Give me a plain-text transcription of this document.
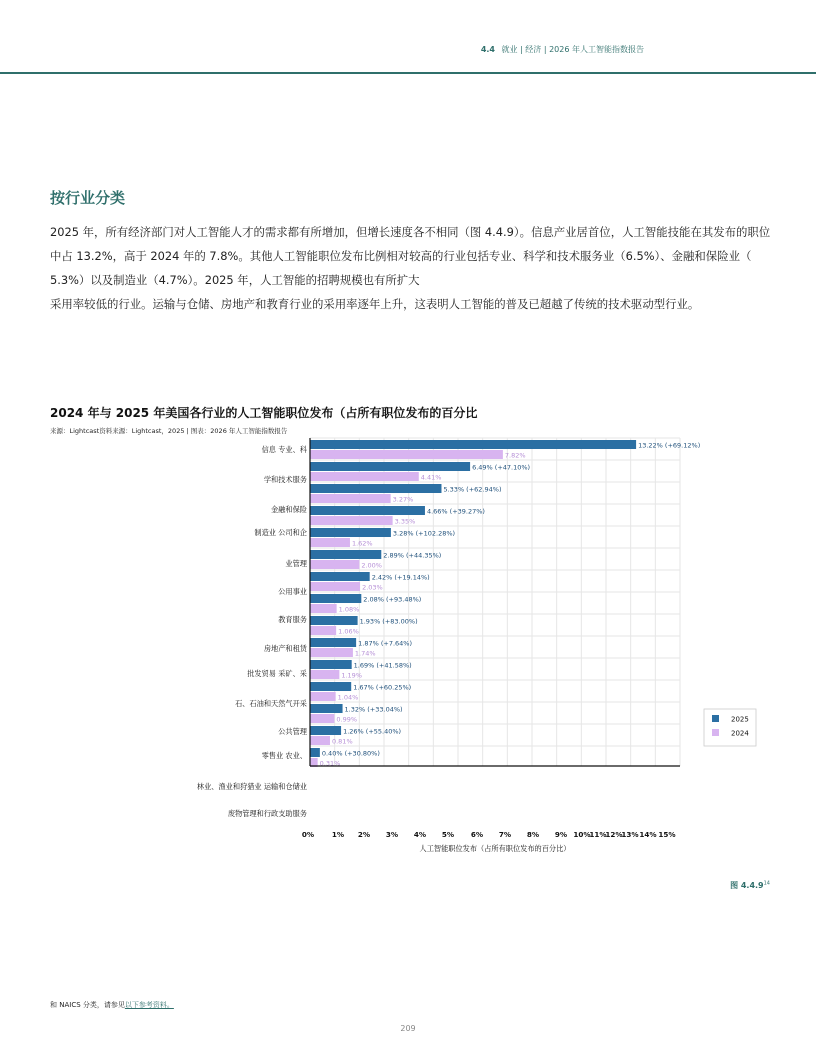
4.4 就业 | 经济 | 2026 年人工智能指数报告
按行业分类

2025 年，所有经济部门对人工智能人才的需求都有所增加，但增长速度各不相同（图 4.4.9）。信息产业居首位，人工智能技能在其发布的职位

中占 13.2%，高于 2024 年的 7.8%。其他人工智能职位发布比例相对较高的行业包括专业、科学和技术服务业（6.5%）、金融和保险业（

5.3%）以及制造业（4.7%）。2025 年，人工智能的招聘规模也有所扩大

采用率较低的行业。运输与仓储、房地产和教育行业的采用率逐年上升，这表明人工智能的普及已超越了传统的技术驱动型行业。

2024 年与 2025 年美国各行业的人工智能职位发布（占所有职位发布的百分比
来源：Lightcast资料来源：Lightcast，2025 | 图表：2026 年人工智能指数报告
13.22% (+69.12%)
7.82%
6.49% (+47.10%)
4.41%
5.33% (+62.94%)
3.27%
4.66% (+39.27%)
3.35%
3.28% (+102.28%)
1.62%
2.89% (+44.35%)
2.00%
2.42% (+19.14%)
2.03%
2.08% (+93.48%)
1.08%
1.93% (+83.00%)
1.06%
1.87% (+7.64%)
1.74%
1.69% (+41.58%)
1.19%
1.67% (+60.25%)
1.04%
1.32% (+33.04%)
0.99%
1.26% (+55.40%)
0.81%
0.40% (+30.80%)
0.31%
信息 专业、科
学和技术服务
金融和保险
制造业 公司和企
业管理
公用事业
教育服务
房地产和租赁
批发贸易 采矿、采
石、石油和天然气开采
公共管理
零售业 农业、
林业、渔业和狩猎业 运输和仓储业
废物管理和行政支助服务
0% 1% 2% 3% 4% 5% 6% 7% 8% 9% 10%
11%
12%
13% 14% 15%
人工智能职位发布（占所有职位发布的百分比）
2025
2024
图 4.4.9$^{14}$
和 NAICS 分类，请参见以下参考资料。
209
